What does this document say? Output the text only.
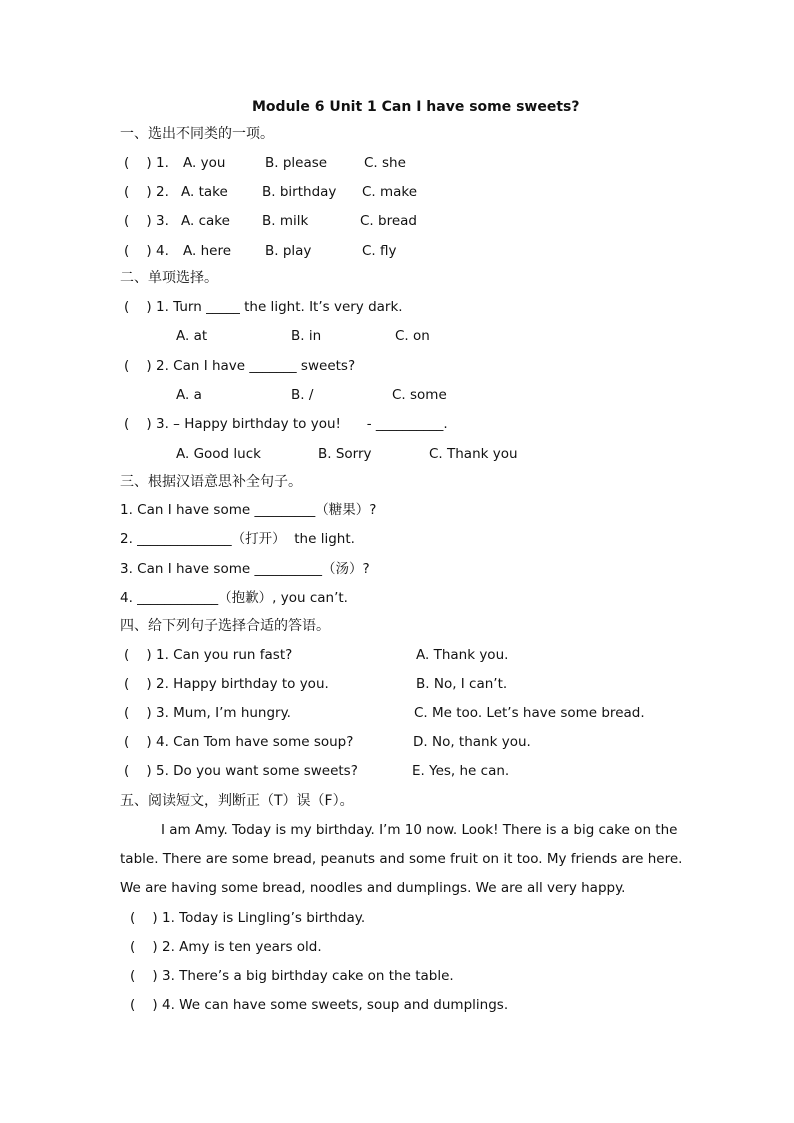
Module 6 Unit 1 Can I have some sweets?
一、选出不同类的一项。
(    ) 1. A. you	B. please	C. she
(    ) 2. A. take	B. birthday C. make
(    ) 3. A. cake B. milk	C. bread
(    ) 4. A. here	B. play	C. fly
二、单项选择。
(    ) 1. Turn _____ the light. It’s very dark.
A. at	B. in	C. on
(    ) 2. Can I have _______ sweets?
A. a	B. /	C. some
(    ) 3. – Happy birthday to you!      - __________.
A. Good luck	B. Sorry	C. Thank you
三、根据汉语意思补全句子。
1. Can I have some _________（糖果）?
2. ______________（打开）  the light.
3. Can I have some __________（汤）?
4. ____________（抱歉）, you can’t.
四、给下列句子选择合适的答语。
(    ) 1. Can you run fast?	A. Thank you.
(    ) 2. Happy birthday to you.	B. No, I can’t.
(    ) 3. Mum, I’m hungry.	C. Me too. Let’s have some bread.
(    ) 4. Can Tom have some soup?	D. No, thank you.
(    ) 5. Do you want some sweets?	E. Yes, he can.
五、阅读短文，判断正（T）误（F）。
I am Amy. Today is my birthday. I’m 10 now. Look! There is a big cake on the
table. There are some bread, peanuts and some fruit on it too. My friends are here.
We are having some bread, noodles and dumplings. We are all very happy.
(    ) 1. Today is Lingling’s birthday.
(    ) 2. Amy is ten years old.
(    ) 3. There’s a big birthday cake on the table.
(    ) 4. We can have some sweets, soup and dumplings.
